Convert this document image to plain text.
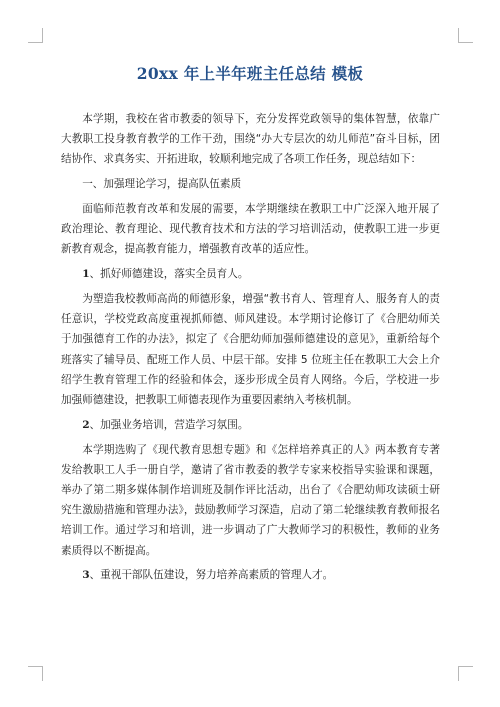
20xx 年上半年班主任总结 模板

本学期，我校在省市教委的领导下，充分发挥党政领导的集体智慧，依靠广大教职工投身教育教学的工作干劲，围绕“办大专层次的幼儿师范”奋斗目标，团结协作、求真务实、开拓进取，较顺利地完成了各项工作任务，现总结如下：

一、加强理论学习，提高队伍素质

面临师范教育改革和发展的需要，本学期继续在教职工中广泛深入地开展了政治理论、教育理论、现代教育技术和方法的学习培训活动，使教职工进一步更新教育观念，提高教育能力，增强教育改革的适应性。

1、抓好师德建设，落实全员育人。

为塑造我校教师高尚的师德形象，增强“教书育人、管理育人、服务育人的责任意识，学校党政高度重视抓师德、师风建设。本学期讨论修订了《合肥幼师关于加强德育工作的办法》，拟定了《合肥幼师加强师德建设的意见》，重新给每个班落实了辅导员、配班工作人员、中层干部。安排 5 位班主任在教职工大会上介绍学生教育管理工作的经验和体会，逐步形成全员育人网络。今后，学校进一步加强师德建设，把教职工师德表现作为重要因素纳入考核机制。

2、加强业务培训，营造学习氛围。

本学期选购了《现代教育思想专题》和《怎样培养真正的人》两本教育专著发给教职工人手一册自学，邀请了省市教委的教学专家来校指导实验课和课题，举办了第二期多媒体制作培训班及制作评比活动，出台了《合肥幼师攻读硕士研究生激励措施和管理办法》，鼓励教师学习深造，启动了第二轮继续教育教师报名培训工作。通过学习和培训，进一步调动了广大教师学习的积极性，教师的业务素质得以不断提高。

3、重视干部队伍建设，努力培养高素质的管理人才。
